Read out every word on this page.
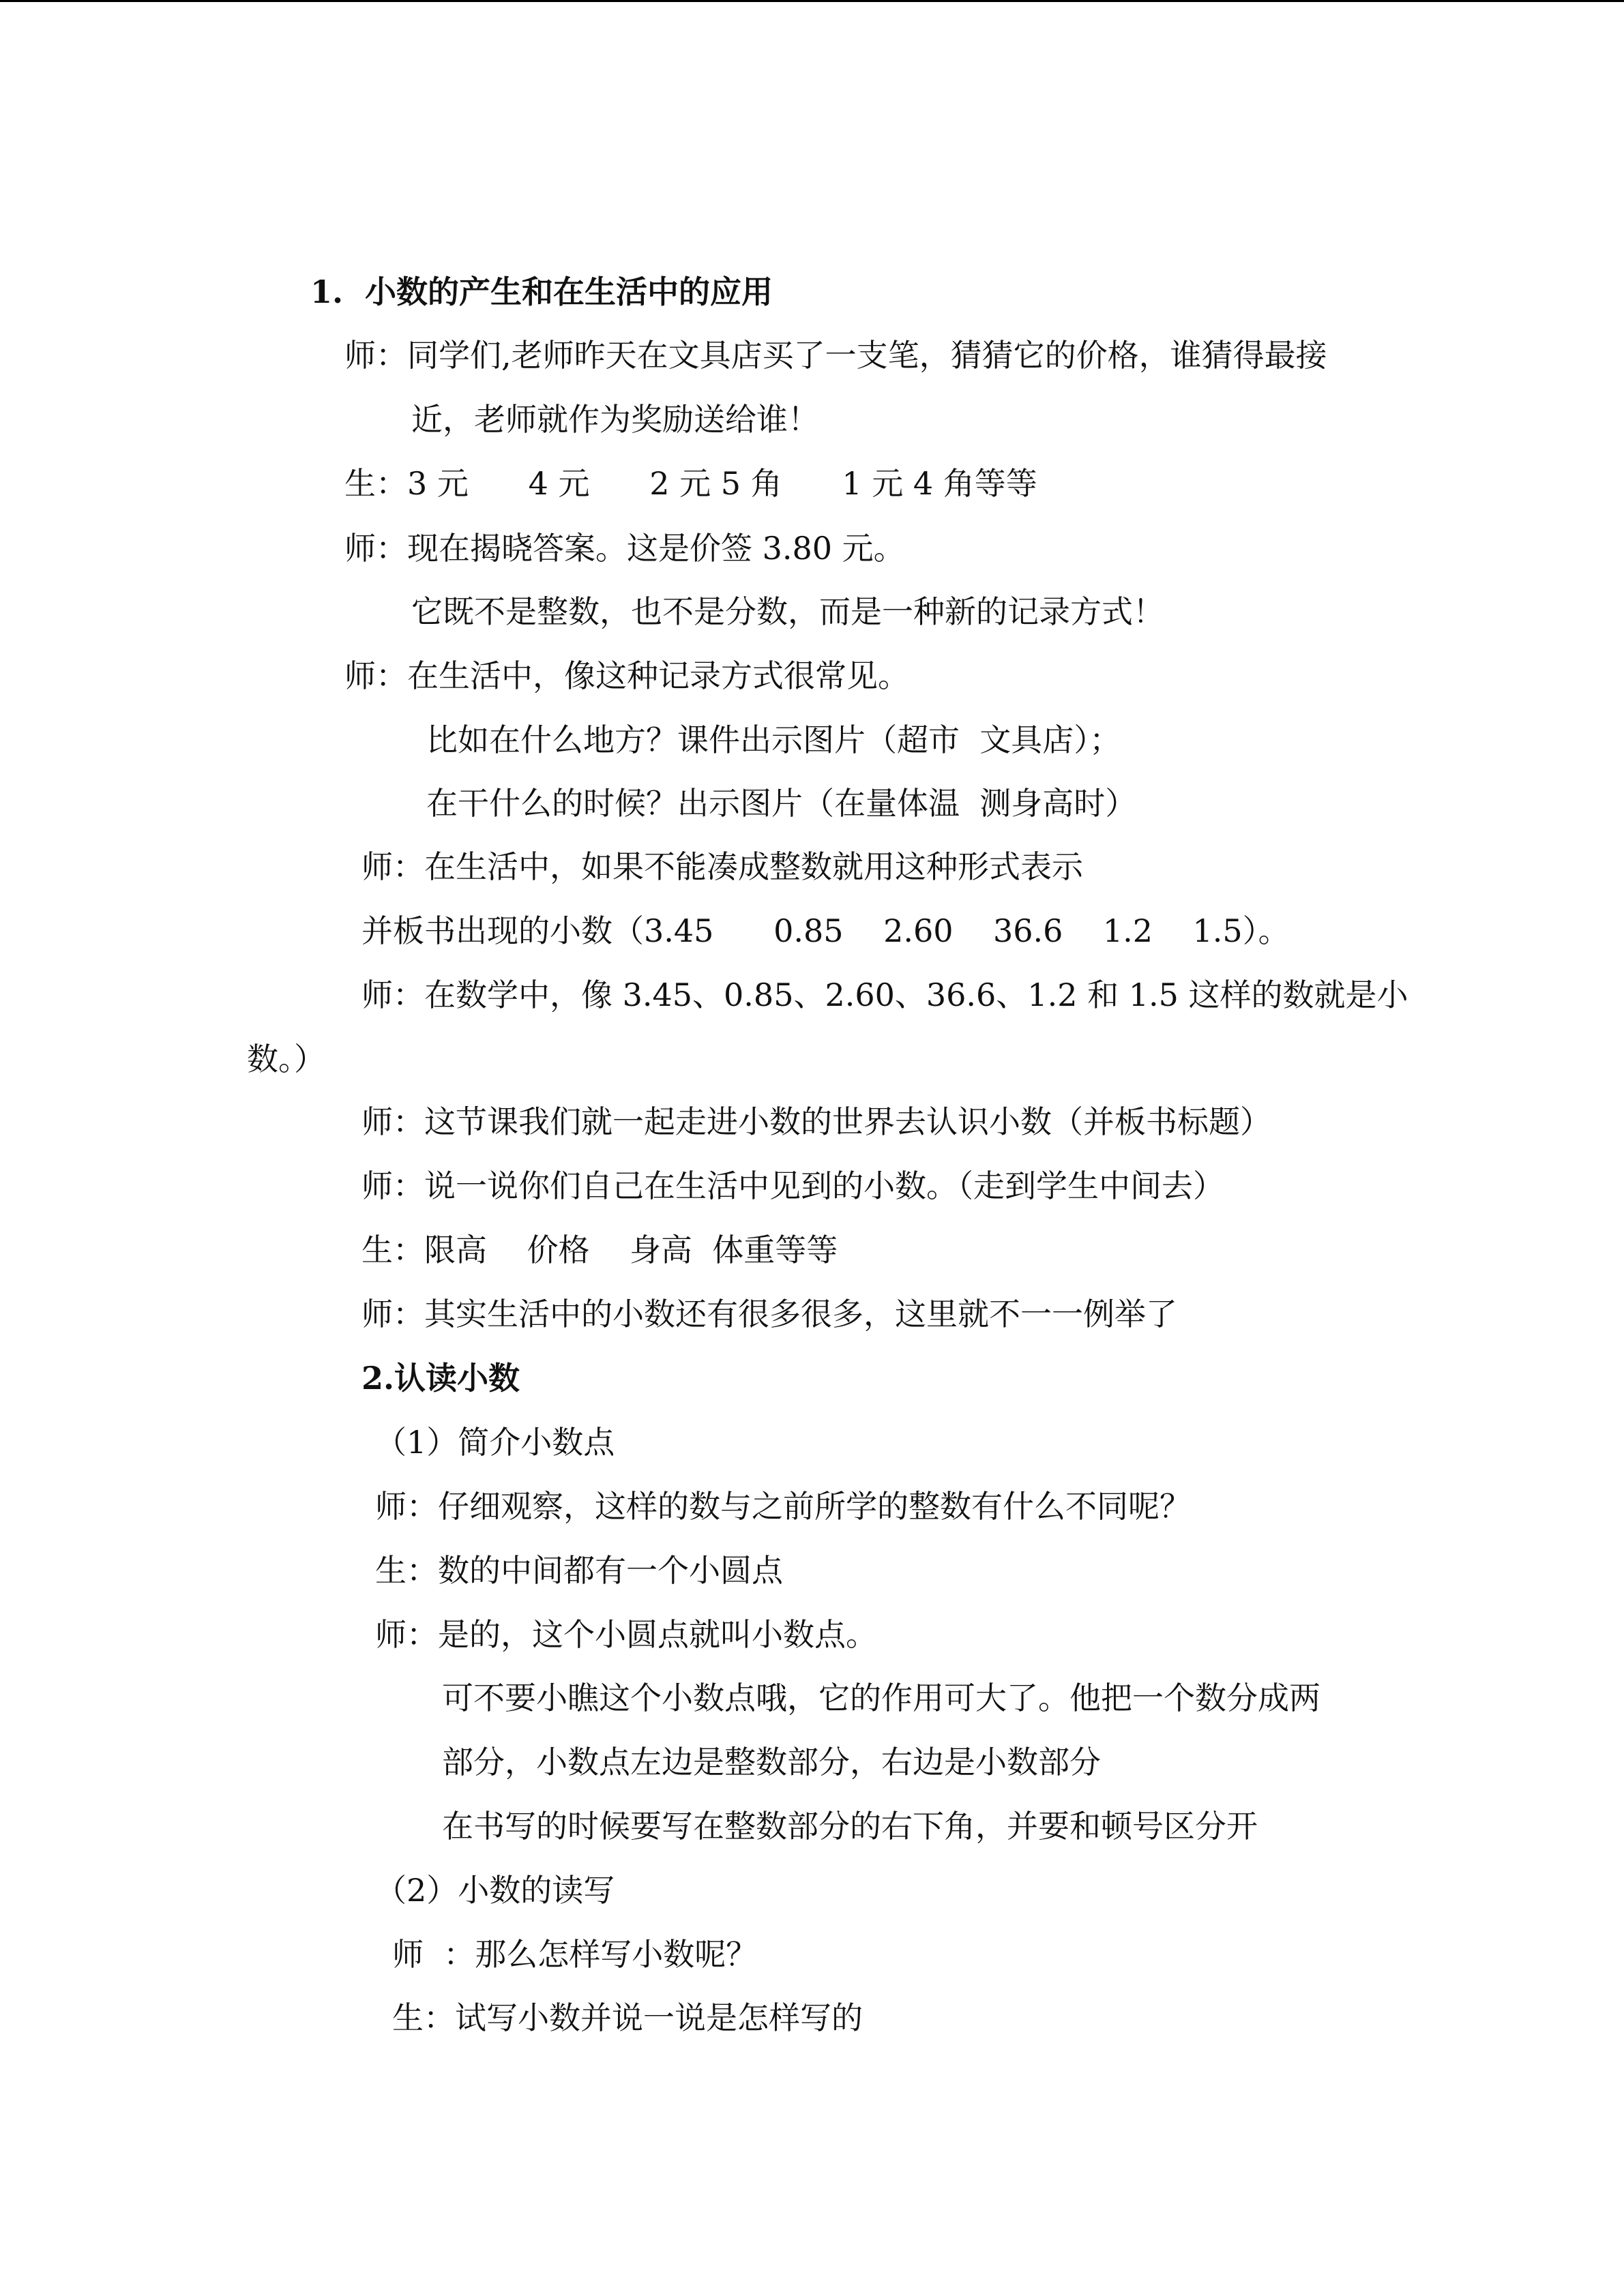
1.  小数的产生和在生活中的应用
师：同学们,老师昨天在文具店买了一支笔，猜猜它的价格，谁猜得最接
近，老师就作为奖励送给谁！
生：3 元      4 元      2 元 5 角      1 元 4 角等等
师：现在揭晓答案。这是价签 3.80 元。
它既不是整数，也不是分数，而是一种新的记录方式！
师：在生活中，像这种记录方式很常见。
比如在什么地方？课件出示图片（超市  文具店）；
在干什么的时候？出示图片（在量体温  测身高时）
师：在生活中，如果不能凑成整数就用这种形式表示
并板书出现的小数（3.45      0.85    2.60    36.6    1.2    1.5）。
师：在数学中，像 3.45、0.85、2.60、36.6、1.2 和 1.5 这样的数就是小
数。）
师：这节课我们就一起走进小数的世界去认识小数（并板书标题）
师：说一说你们自己在生活中见到的小数。（走到学生中间去）
生：限高    价格    身高  体重等等
师：其实生活中的小数还有很多很多，这里就不一一例举了
2.认读小数
（1）简介小数点
师：仔细观察，这样的数与之前所学的整数有什么不同呢？
生：数的中间都有一个小圆点
师：是的，这个小圆点就叫小数点。
可不要小瞧这个小数点哦，它的作用可大了。他把一个数分成两
部分，小数点左边是整数部分，右边是小数部分
在书写的时候要写在整数部分的右下角，并要和顿号区分开
（2）小数的读写
师  ：那么怎样写小数呢？
生：试写小数并说一说是怎样写的
